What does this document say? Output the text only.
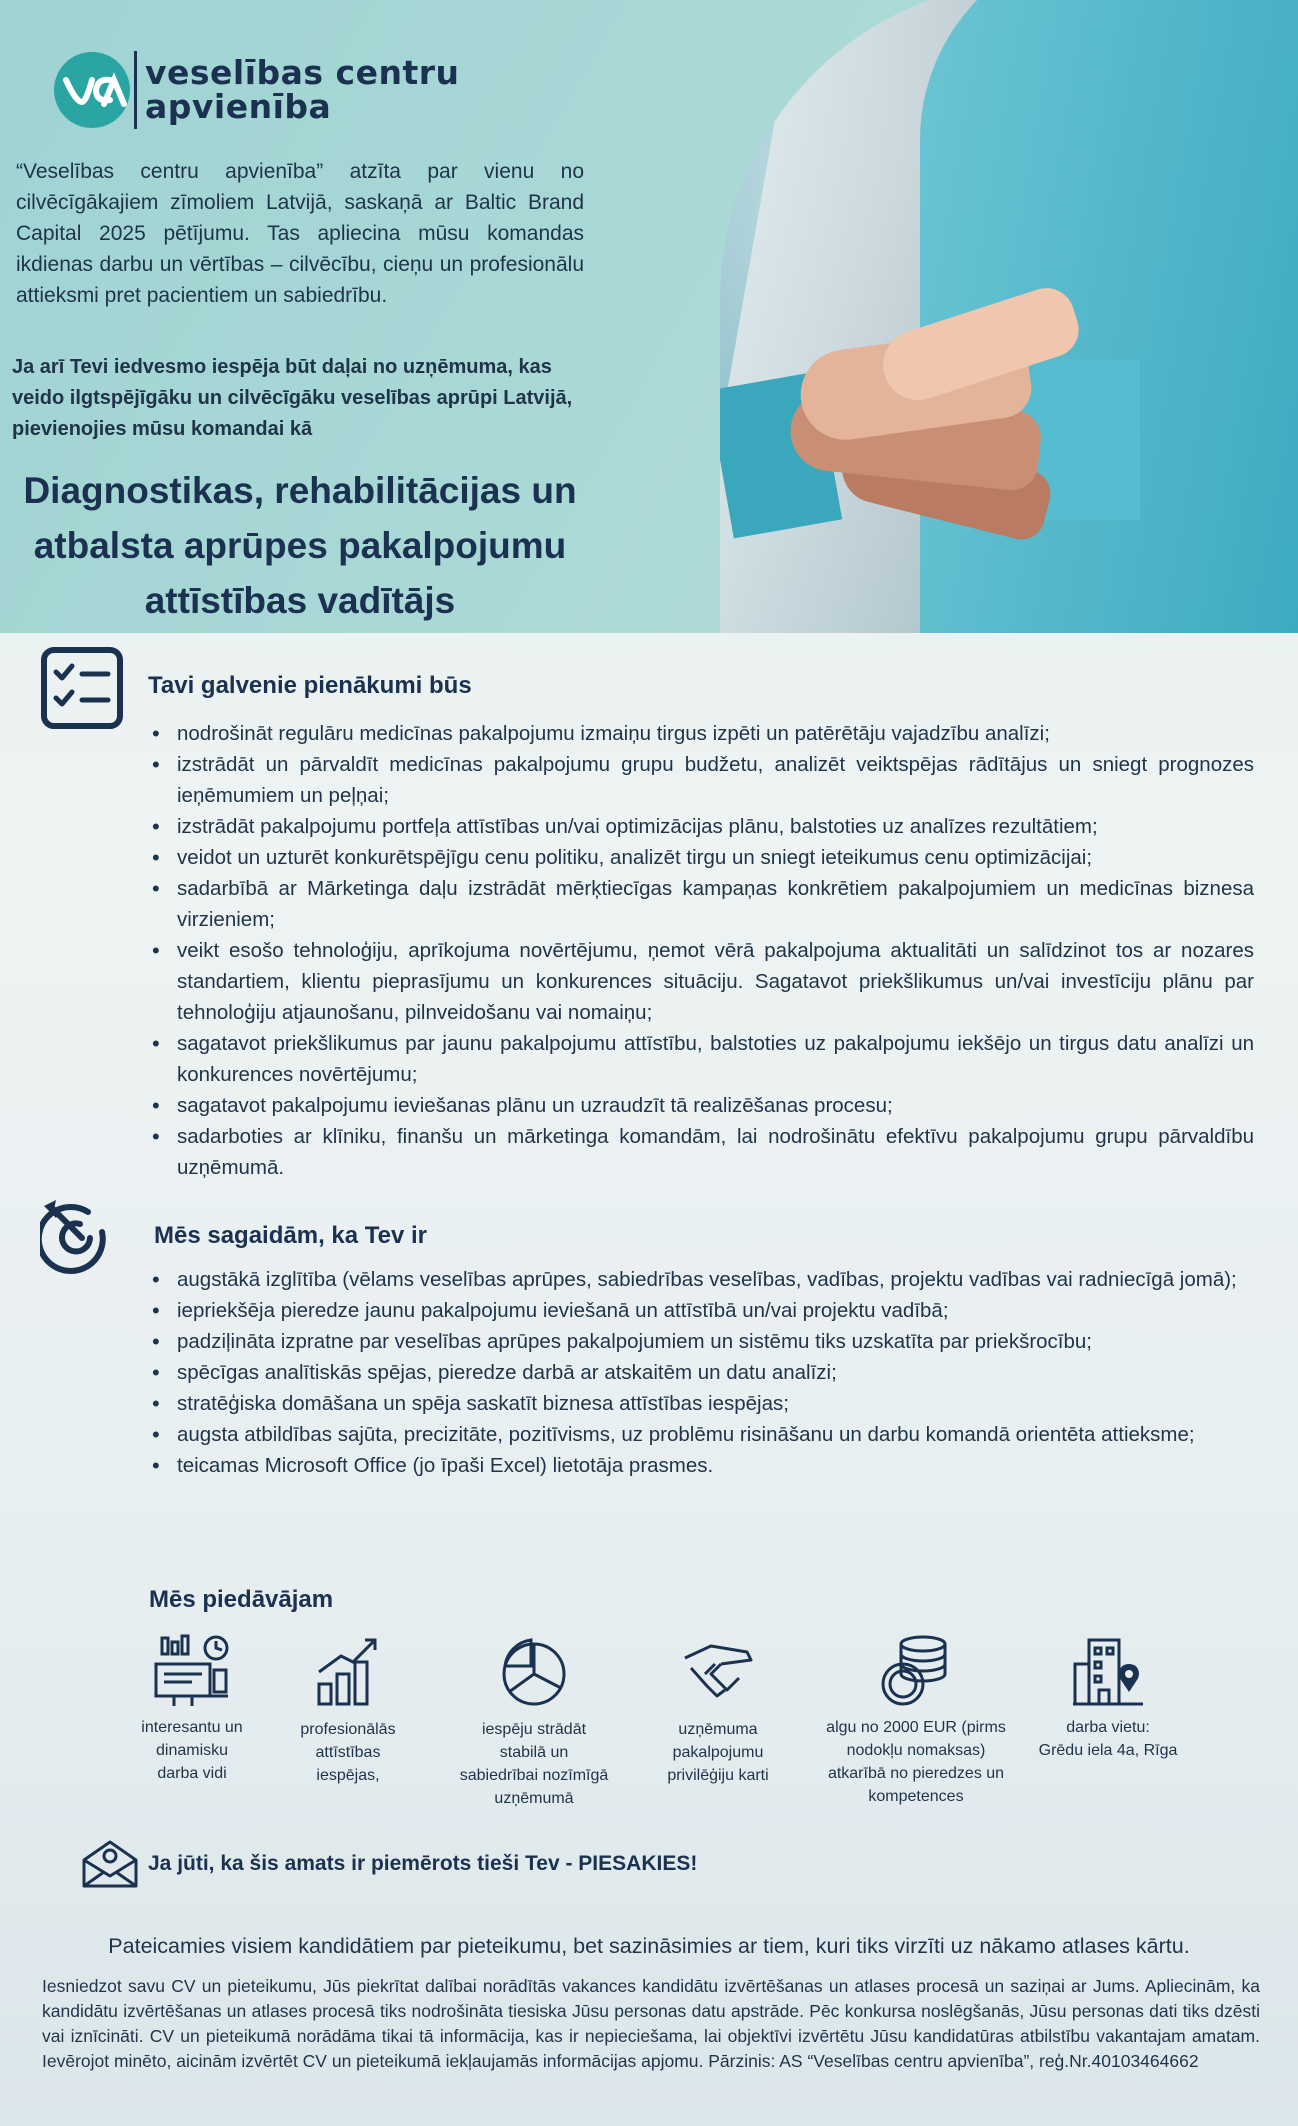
veselības centru
apvienība

“Veselības centru apvienība” atzīta par vienu no cilvēcīgākajiem zīmoliem Latvijā, saskaņā ar Baltic Brand Capital 2025 pētījumu. Tas apliecina mūsu komandas ikdienas darbu un vērtības – cilvēcību, cieņu un profesionālu attieksmi pret pacientiem un sabiedrību.

Ja arī Tevi iedvesmo iespēja būt daļai no uzņēmuma, kas veido ilgtspējīgāku un cilvēcīgāku veselības aprūpi Latvijā, pievienojies mūsu komandai kā

Diagnostikas, rehabilitācijas un
atbalsta aprūpes pakalpojumu
attīstības vadītājs
Tavi galvenie pienākumi būs
• nodrošināt regulāru medicīnas pakalpojumu izmaiņu tirgus izpēti un patērētāju vajadzību analīzi;
• izstrādāt un pārvaldīt medicīnas pakalpojumu grupu budžetu, analizēt veiktspējas rādītājus un sniegt prognozes ieņēmumiem un peļņai;
• izstrādāt pakalpojumu portfeļa attīstības un/vai optimizācijas plānu, balstoties uz analīzes rezultātiem;
• veidot un uzturēt konkurētspējīgu cenu politiku, analizēt tirgu un sniegt ieteikumus cenu optimizācijai;
• sadarbībā ar Mārketinga daļu izstrādāt mērķtiecīgas kampaņas konkrētiem pakalpojumiem un medicīnas biznesa virzieniem;
• veikt esošo tehnoloģiju, aprīkojuma novērtējumu, ņemot vērā pakalpojuma aktualitāti un salīdzinot tos ar nozares standartiem, klientu pieprasījumu un konkurences situāciju. Sagatavot priekšlikumus un/vai investīciju plānu par tehnoloģiju atjaunošanu, pilnveidošanu vai nomaiņu;
• sagatavot priekšlikumus par jaunu pakalpojumu attīstību, balstoties uz pakalpojumu iekšējo un tirgus datu analīzi un konkurences novērtējumu;
• sagatavot pakalpojumu ieviešanas plānu un uzraudzīt tā realizēšanas procesu;
• sadarboties ar klīniku, finanšu un mārketinga komandām, lai nodrošinātu efektīvu pakalpojumu grupu pārvaldību uzņēmumā.
Mēs sagaidām, ka Tev ir
• augstākā izglītība (vēlams veselības aprūpes, sabiedrības veselības, vadības, projektu vadības vai radniecīgā jomā);
• iepriekšēja pieredze jaunu pakalpojumu ieviešanā un attīstībā un/vai projektu vadībā;
• padziļināta izpratne par veselības aprūpes pakalpojumiem un sistēmu tiks uzskatīta par priekšrocību;
• spēcīgas analītiskās spējas, pieredze darbā ar atskaitēm un datu analīzi;
• stratēģiska domāšana un spēja saskatīt biznesa attīstības iespējas;
• augsta atbildības sajūta, precizitāte, pozitīvisms, uz problēmu risināšanu un darbu komandā orientēta attieksme;
• teicamas Microsoft Office (jo īpaši Excel) lietotāja prasmes.
Mēs piedāvājam
interesantu un
dinamisku
darba vidi
profesionālās
attīstības
iespējas,
iespēju strādāt
stabilā un
sabiedrībai nozīmīgā
uzņēmumā
uzņēmuma
pakalpojumu
privilēģiju karti
algu no 2000 EUR (pirms
nodokļu nomaksas)
atkarībā no pieredzes un
kompetences
darba vietu:
Grēdu iela 4a, Rīga
Ja jūti, ka šis amats ir piemērots tieši Tev - PIESAKIES!
Pateicamies visiem kandidātiem par pieteikumu, bet sazināsimies ar tiem, kuri tiks virzīti uz nākamo atlases kārtu.

Iesniedzot savu CV un pieteikumu, Jūs piekrītat dalībai norādītās vakances kandidātu izvērtēšanas un atlases procesā un saziņai ar Jums. Apliecinām, ka kandidātu izvērtēšanas un atlases procesā tiks nodrošināta tiesiska Jūsu personas datu apstrāde. Pēc konkursa noslēgšanās, Jūsu personas dati tiks dzēsti vai iznīcināti. CV un pieteikumā norādāma tikai tā informācija, kas ir nepieciešama, lai objektīvi izvērtētu Jūsu kandidatūras atbilstību vakantajam amatam. Ievērojot minēto, aicinām izvērtēt CV un pieteikumā iekļaujamās informācijas apjomu. Pārzinis: AS “Veselības centru apvienība”, reģ.Nr.40103464662
